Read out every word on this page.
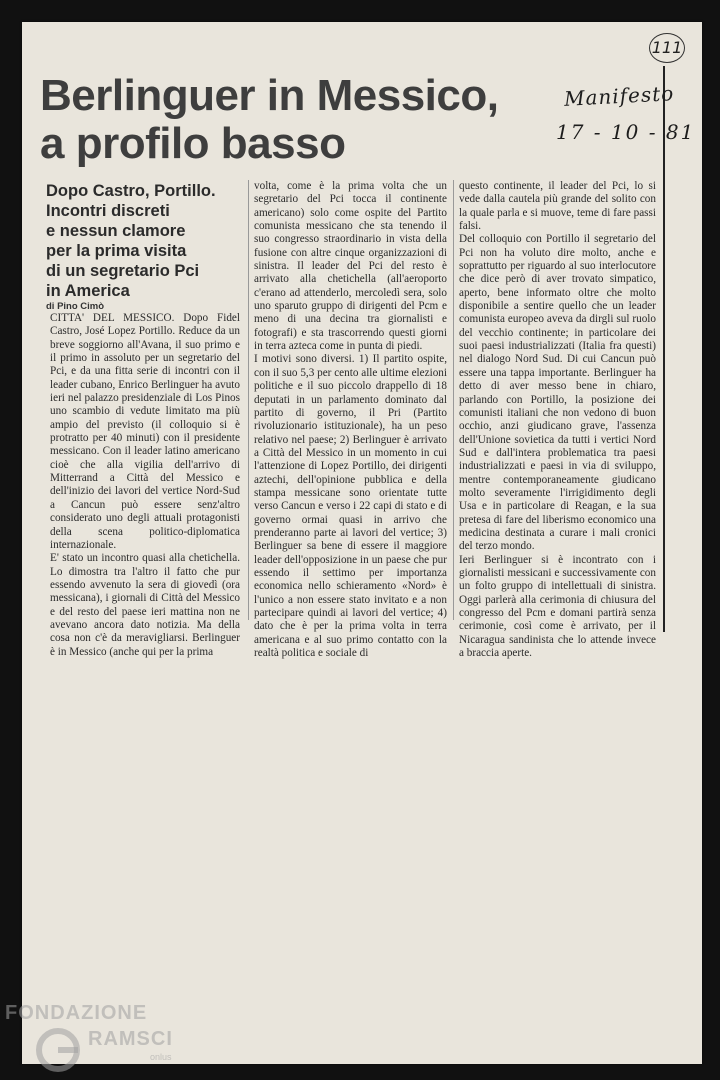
111
Manifesto
17 - 10 - 81
Berlinguer in Messico,
a profilo basso
Dopo Castro, Portillo.
Incontri discreti
e nessun clamore
per la prima visita
di un segretario Pci
in America
di Pino Cimò

CITTA' DEL MESSICO. Dopo Fidel Castro, José Lopez Portillo. Reduce da un breve soggiorno all'Avana, il suo primo e il primo in assoluto per un segretario del Pci, e da una fitta serie di incontri con il leader cubano, Enrico Berlinguer ha avuto ieri nel palazzo presidenziale di Los Pinos uno scambio di vedute limitato ma più ampio del previsto (il colloquio si è protratto per 40 minuti) con il presidente messicano. Con il leader latino americano cioè che alla vigilia dell'arrivo di Mitterrand a Città del Messico e dell'inizio dei lavori del vertice Nord-Sud a Cancun può essere senz'altro considerato uno degli attuali protagonisti della scena politico-diplomatica internazionale.

E' stato un incontro quasi alla chetichella. Lo dimostra tra l'altro il fatto che pur essendo avvenuto la sera di giovedì (ora messicana), i giornali di Città del Messico e del resto del paese ieri mattina non ne avevano ancora dato notizia. Ma della cosa non c'è da meravigliarsi. Berlinguer è in Messico (anche qui per la prima

volta, come è la prima volta che un segretario del Pci tocca il continente americano) solo come ospite del Partito comunista messicano che sta tenendo il suo congresso straordinario in vista della fusione con altre cinque organizzazioni di sinistra. Il leader del Pci del resto è arrivato alla chetichella (all'aeroporto c'erano ad attenderlo, mercoledì sera, solo uno sparuto gruppo di dirigenti del Pcm e meno di una decina tra giornalisti e fotografi) e sta trascorrendo questi giorni in terra azteca come in punta di piedi.

I motivi sono diversi. 1) Il partito ospite, con il suo 5,3 per cento alle ultime elezioni politiche e il suo piccolo drappello di 18 deputati in un parlamento dominato dal partito di governo, il Pri (Partito rivoluzionario istituzionale), ha un peso relativo nel paese; 2) Berlinguer è arrivato a Città del Messico in un momento in cui l'attenzione di Lopez Portillo, dei dirigenti aztechi, dell'opinione pubblica e della stampa messicane sono orientate tutte verso Cancun e verso i 22 capi di stato e di governo ormai quasi in arrivo che prenderanno parte ai lavori del vertice; 3) Berlinguer sa bene di essere il maggiore leader dell'opposizione in un paese che pur essendo il settimo per importanza economica nello schieramento «Nord» è l'unico a non essere stato invitato e a non partecipare quindi ai lavori del vertice; 4) dato che è per la prima volta in terra americana e al suo primo contatto con la realtà politica e sociale di

questo continente, il leader del Pci, lo si vede dalla cautela più grande del solito con la quale parla e si muove, teme di fare passi falsi.

Del colloquio con Portillo il segretario del Pci non ha voluto dire molto, anche e soprattutto per riguardo al suo interlocutore che dice però di aver trovato simpatico, aperto, bene informato oltre che molto disponibile a sentire quello che un leader comunista europeo aveva da dirgli sul ruolo del vecchio continente; in particolare dei suoi paesi industrializzati (Italia fra questi) nel dialogo Nord Sud. Di cui Cancun può essere una tappa importante. Berlinguer ha detto di aver messo bene in chiaro, parlando con Portillo, la posizione dei comunisti italiani che non vedono di buon occhio, anzi giudicano grave, l'assenza dell'Unione sovietica da tutti i vertici Nord Sud e dall'intera problematica tra paesi industrializzati e paesi in via di sviluppo, mentre contemporaneamente giudicano molto severamente l'irrigidimento degli Usa e in particolare di Reagan, e la sua pretesa di fare del liberismo economico una medicina destinata a curare i mali cronici del terzo mondo.

Ieri Berlinguer si è incontrato con i giornalisti messicani e successivamente con un folto gruppo di intellettuali di sinistra. Oggi parlerà alla cerimonia di chiusura del congresso del Pcm e domani partirà senza cerimonie, così come è arrivato, per il Nicaragua sandinista che lo attende invece a braccia aperte.

FONDAZIONE
RAMSCI
onlus
